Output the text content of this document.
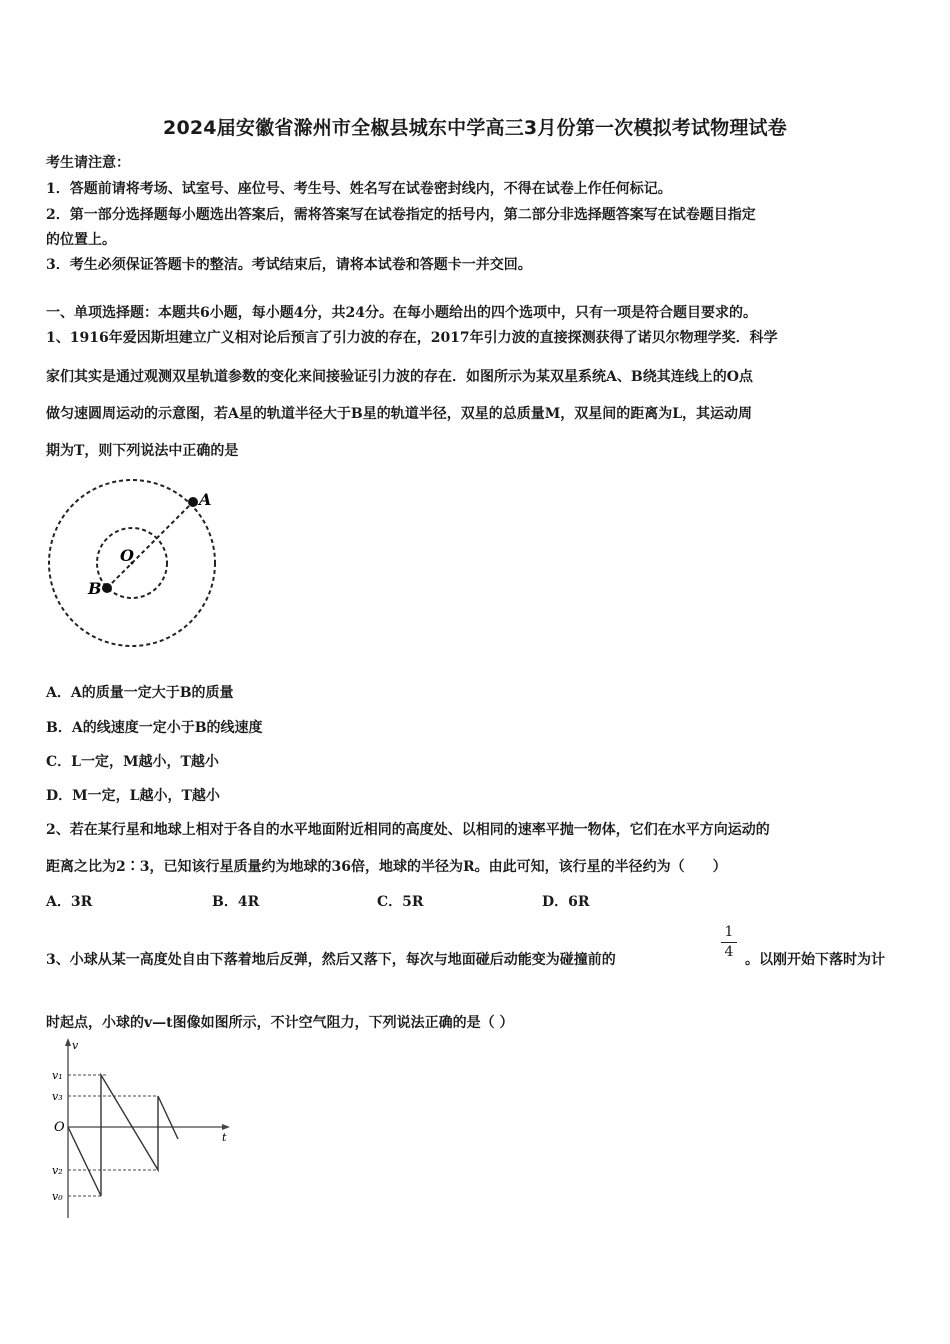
2024届安徽省滁州市全椒县城东中学高三3月份第一次模拟考试物理试卷
考生请注意：
1．答题前请将考场、试室号、座位号、考生号、姓名写在试卷密封线内，不得在试卷上作任何标记。
2．第一部分选择题每小题选出答案后，需将答案写在试卷指定的括号内，第二部分非选择题答案写在试卷题目指定
的位置上。
3．考生必须保证答题卡的整洁。考试结束后，请将本试卷和答题卡一并交回。
一、单项选择题：本题共6小题，每小题4分，共24分。在每小题给出的四个选项中，只有一项是符合题目要求的。
1、1916年爱因斯坦建立广义相对论后预言了引力波的存在，2017年引力波的直接探测获得了诺贝尔物理学奖．科学
家们其实是通过观测双星轨道参数的变化来间接验证引力波的存在．如图所示为某双星系统A、B绕其连线上的O点
做匀速圆周运动的示意图，若A星的轨道半径大于B星的轨道半径，双星的总质量M，双星间的距离为L，其运动周
期为T，则下列说法中正确的是
A
O
B
A．A的质量一定大于B的质量
B．A的线速度一定小于B的线速度
C．L一定，M越小，T越小
D．M一定，L越小，T越小
2、若在某行星和地球上相对于各自的水平地面附近相同的高度处、以相同的速率平抛一物体，它们在水平方向运动的
距离之比为2∶3，已知该行星质量约为地球的36倍，地球的半径为R。由此可知，该行星的半径约为（　　）
A．3R	B．4R	C．5R	D．6R
3、小球从某一高度处自由下落着地后反弹，然后又落下，每次与地面碰后动能变为碰撞前的
1
4 。以刚开始下落时为计
时起点，小球的v—t图像如图所示，不计空气阻力，下列说法正确的是（ ）
v
t
O
v₁
v₃
v₂
v₀
